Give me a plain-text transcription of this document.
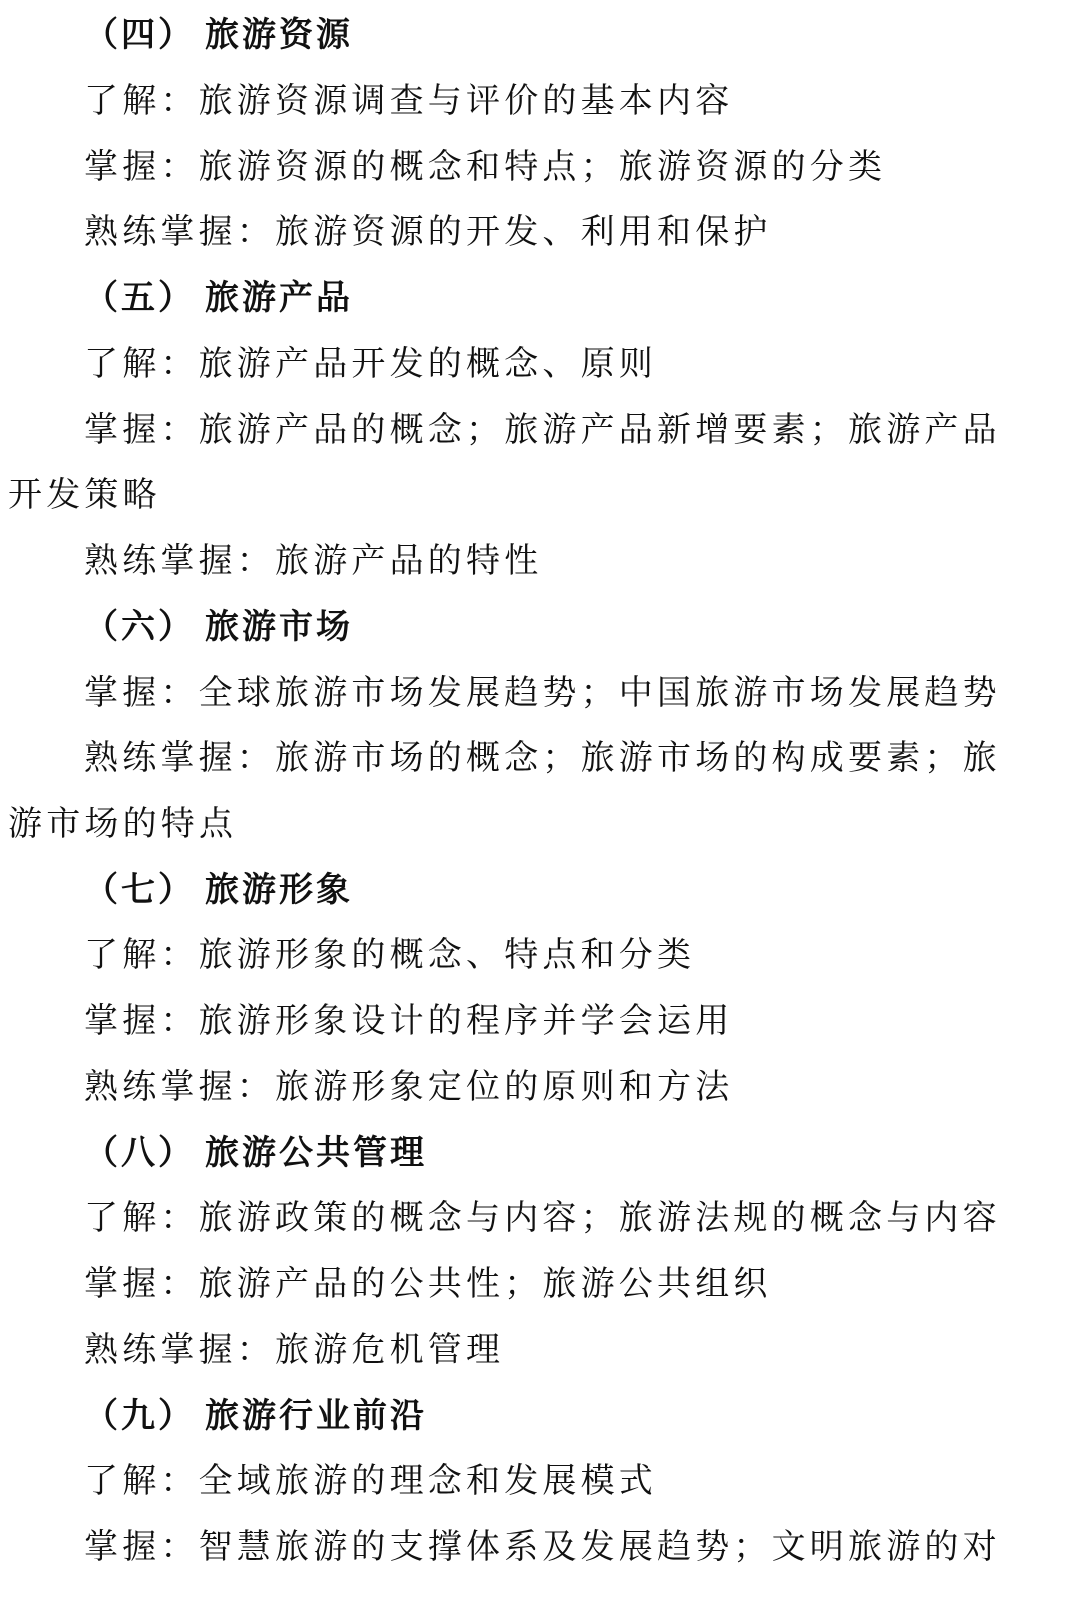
（四） 旅游资源
了解：旅游资源调查与评价的基本内容
掌握：旅游资源的概念和特点；旅游资源的分类
熟练掌握：旅游资源的开发、利用和保护
（五） 旅游产品
了解：旅游产品开发的概念、原则
掌握：旅游产品的概念；旅游产品新增要素；旅游产品
开发策略
熟练掌握：旅游产品的特性
（六） 旅游市场
掌握：全球旅游市场发展趋势；中国旅游市场发展趋势
熟练掌握：旅游市场的概念；旅游市场的构成要素；旅
游市场的特点
（七） 旅游形象
了解：旅游形象的概念、特点和分类
掌握：旅游形象设计的程序并学会运用
熟练掌握：旅游形象定位的原则和方法
（八） 旅游公共管理
了解：旅游政策的概念与内容；旅游法规的概念与内容
掌握：旅游产品的公共性；旅游公共组织
熟练掌握：旅游危机管理
（九） 旅游行业前沿
了解：全域旅游的理念和发展模式
掌握：智慧旅游的支撑体系及发展趋势；文明旅游的对
